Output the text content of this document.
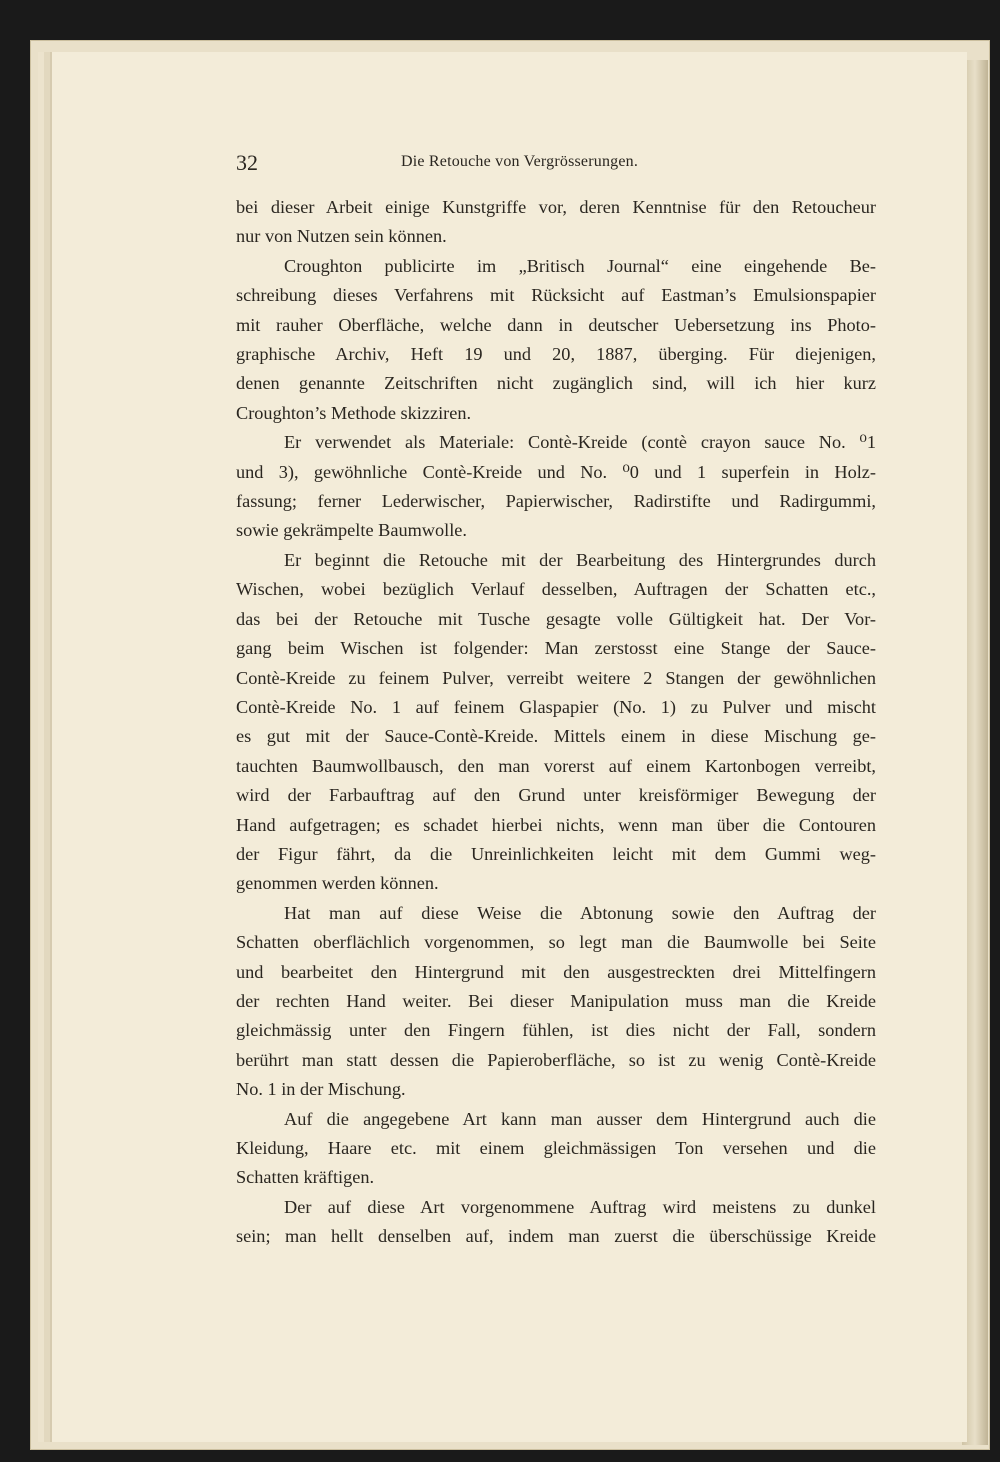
32	Die Retouche von Vergrösserungen.
bei dieser Arbeit einige Kunstgriffe vor, deren Kenntnise für den Retoucheur
nur von Nutzen sein können.
Croughton publicirte im „Britisch Journal“ eine eingehende Be-
schreibung dieses Verfahrens mit Rücksicht auf Eastman’s Emulsionspapier
mit rauher Oberfläche, welche dann in deutscher Uebersetzung ins Photo-
graphische Archiv, Heft 19 und 20, 1887, überging. Für diejenigen,
denen genannte Zeitschriften nicht zugänglich sind, will ich hier kurz
Croughton’s Methode skizziren.
Er verwendet als Materiale: Contè-Kreide (contè crayon sauce No. ⁰1
und 3), gewöhnliche Contè-Kreide und No. ⁰0 und 1 superfein in Holz-
fassung; ferner Lederwischer, Papierwischer, Radirstifte und Radirgummi,
sowie gekrämpelte Baumwolle.
Er beginnt die Retouche mit der Bearbeitung des Hintergrundes durch
Wischen, wobei bezüglich Verlauf desselben, Auftragen der Schatten etc.,
das bei der Retouche mit Tusche gesagte volle Gültigkeit hat. Der Vor-
gang beim Wischen ist folgender: Man zerstosst eine Stange der Sauce-
Contè-Kreide zu feinem Pulver, verreibt weitere 2 Stangen der gewöhnlichen
Contè-Kreide No. 1 auf feinem Glaspapier (No. 1) zu Pulver und mischt
es gut mit der Sauce-Contè-Kreide. Mittels einem in diese Mischung ge-
tauchten Baumwollbausch, den man vorerst auf einem Kartonbogen verreibt,
wird der Farbauftrag auf den Grund unter kreisförmiger Bewegung der
Hand aufgetragen; es schadet hierbei nichts, wenn man über die Contouren
der Figur fährt, da die Unreinlichkeiten leicht mit dem Gummi weg-
genommen werden können.
Hat man auf diese Weise die Abtonung sowie den Auftrag der
Schatten oberflächlich vorgenommen, so legt man die Baumwolle bei Seite
und bearbeitet den Hintergrund mit den ausgestreckten drei Mittelfingern
der rechten Hand weiter. Bei dieser Manipulation muss man die Kreide
gleichmässig unter den Fingern fühlen, ist dies nicht der Fall, sondern
berührt man statt dessen die Papieroberfläche, so ist zu wenig Contè-Kreide
No. 1 in der Mischung.
Auf die angegebene Art kann man ausser dem Hintergrund auch die
Kleidung, Haare etc. mit einem gleichmässigen Ton versehen und die
Schatten kräftigen.
Der auf diese Art vorgenommene Auftrag wird meistens zu dunkel
sein; man hellt denselben auf, indem man zuerst die überschüssige Kreide
